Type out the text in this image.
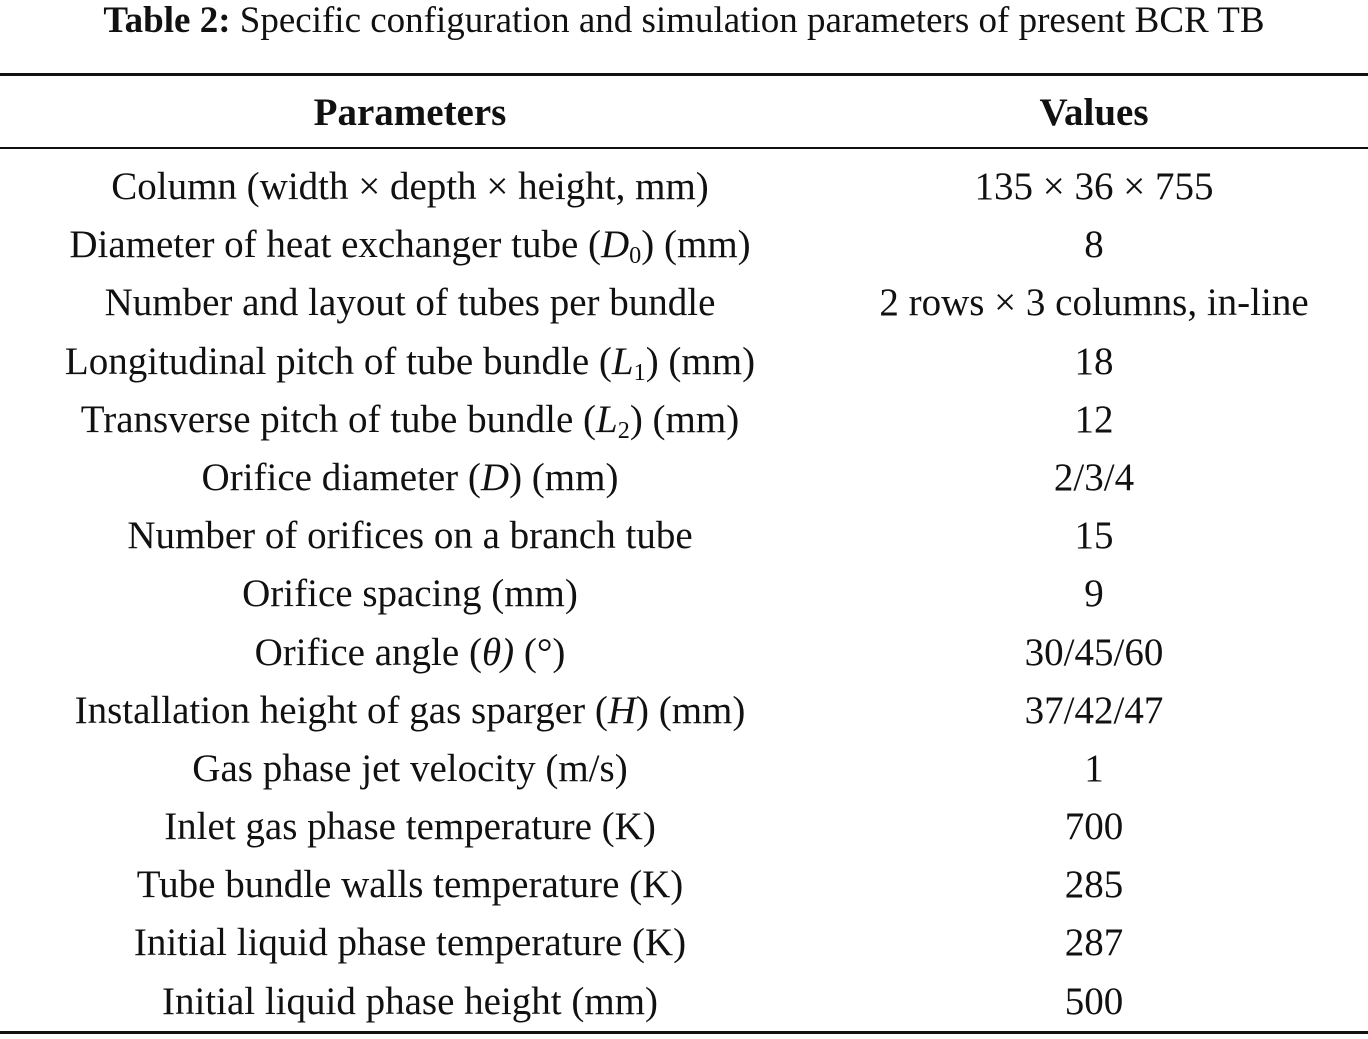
Table 2: Specific configuration and simulation parameters of present BCR TB
Parameters	Values
Column (width × depth × height, mm)	135 × 36 × 755
Diameter of heat exchanger tube $(D_0)$ (mm)	8
Number and layout of tubes per bundle	2 rows × 3 columns, in-line
Longitudinal pitch of tube bundle $(L_1)$ (mm)	18
Transverse pitch of tube bundle $(L_2)$ (mm)	12
Orifice diameter (D) (mm)	2/3/4
Number of orifices on a branch tube	15
Orifice spacing (mm)	9
Orifice angle (θ) (°)	30/45/60
Installation height of gas sparger (H) (mm)	37/42/47
Gas phase jet velocity (m/s)	1
Inlet gas phase temperature (K)	700
Tube bundle walls temperature (K)	285
Initial liquid phase temperature (K)	287
Initial liquid phase height (mm)	500
